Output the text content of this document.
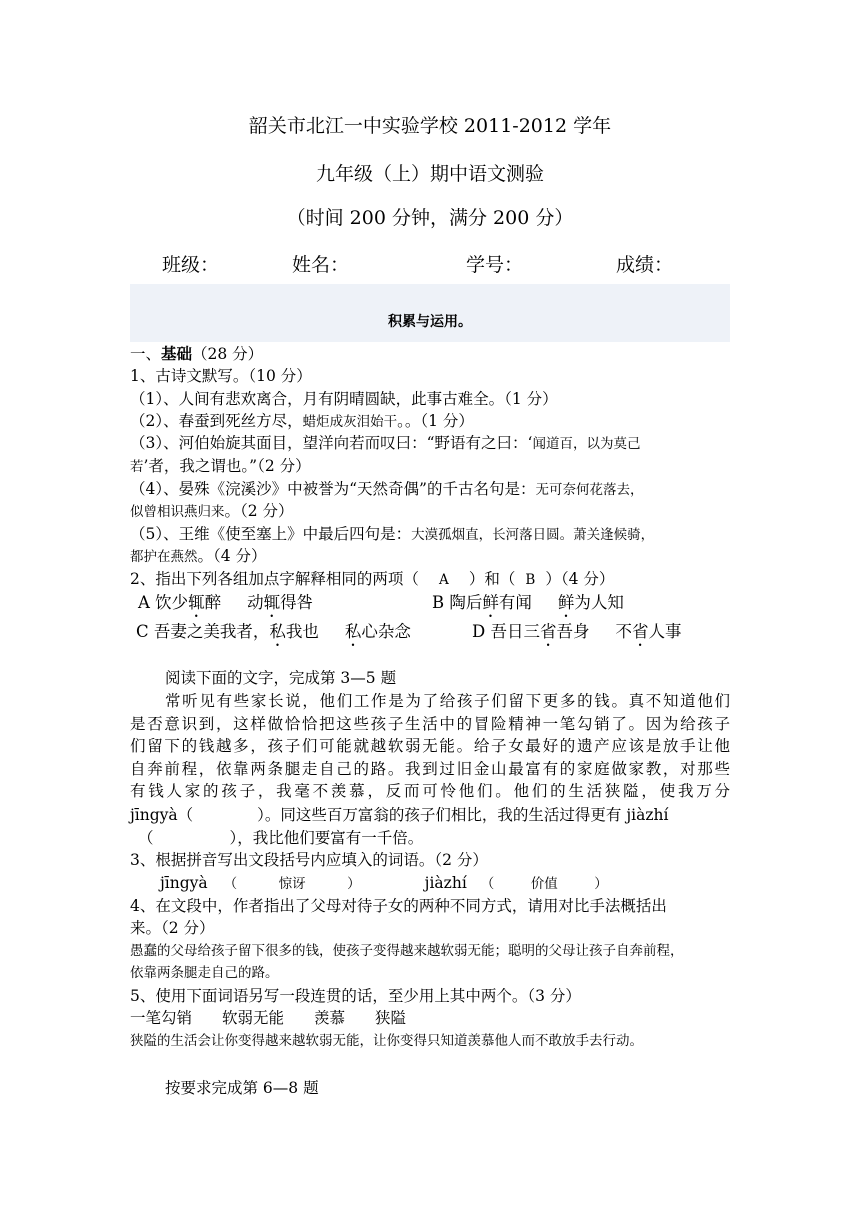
韶关市北江一中实验学校 2011-2012 学年
九年级（上）期中语文测验
（时间 200 分钟，满分 200 分）
班级：	姓名：	学号：	成绩：
积累与运用。
一、基础（28 分）
1、古诗文默写。（10 分）
（1）、人间有悲欢离合，月有阴晴圆缺，此事古难全。（1 分）
（2）、春蚕到死丝方尽，蜡炬成灰泪始干。。（1 分）
（3）、河伯始旋其面目，望洋向若而叹曰：“野语有之曰：‘闻道百，以为莫己
若’者，我之谓也。”（2 分）
（4）、晏殊《浣溪沙》中被誉为“天然奇偶”的千古名句是：无可奈何花落去，
似曾相识燕归来。（2 分）
（5）、王维《使至塞上》中最后四句是：大漠孤烟直，长河落日圆。萧关逢候骑，
都护在燕然。（4 分）
2、指出下列各组加点字解释相同的两项（ A ）和（ B ）（4 分）
A 饮少辄醉 动辄得咎	B 陶后鲜有闻 鲜为人知
C 吾妻之美我者，私我也 私心杂念	D 吾日三省吾身 不省人事
阅读下面的文字，完成第 3—5 题
常听见有些家长说，他们工作是为了给孩子们留下更多的钱。真不知道他们
是否意识到，这样做恰恰把这些孩子生活中的冒险精神一笔勾销了。因为给孩子
们留下的钱越多，孩子们可能就越软弱无能。给子女最好的遗产应该是放手让他
自奔前程，依靠两条腿走自己的路。我到过旧金山最富有的家庭做家教，对那些
有钱人家的孩子，我毫不羡慕，反而可怜他们。他们的生活狭隘，使我万分
jīngyà（	）。同这些百万富翁的孩子们相比，我的生活过得更有 jiàzhí
（	），我比他们要富有一千倍。
3、根据拼音写出文段括号内应填入的词语。（2 分）
jīngyà （	惊讶	）	jiàzhí （	价值	）
4、在文段中，作者指出了父母对待子女的两种不同方式，请用对比手法概括出
来。（2 分）
愚蠢的父母给孩子留下很多的钱，使孩子变得越来越软弱无能；聪明的父母让孩子自奔前程，
依靠两条腿走自己的路。
5、使用下面词语另写一段连贯的话，至少用上其中两个。（3 分）
一笔勾销 软弱无能 羡慕 狭隘
狭隘的生活会让你变得越来越软弱无能，让你变得只知道羡慕他人而不敢放手去行动。
按要求完成第 6—8 题
